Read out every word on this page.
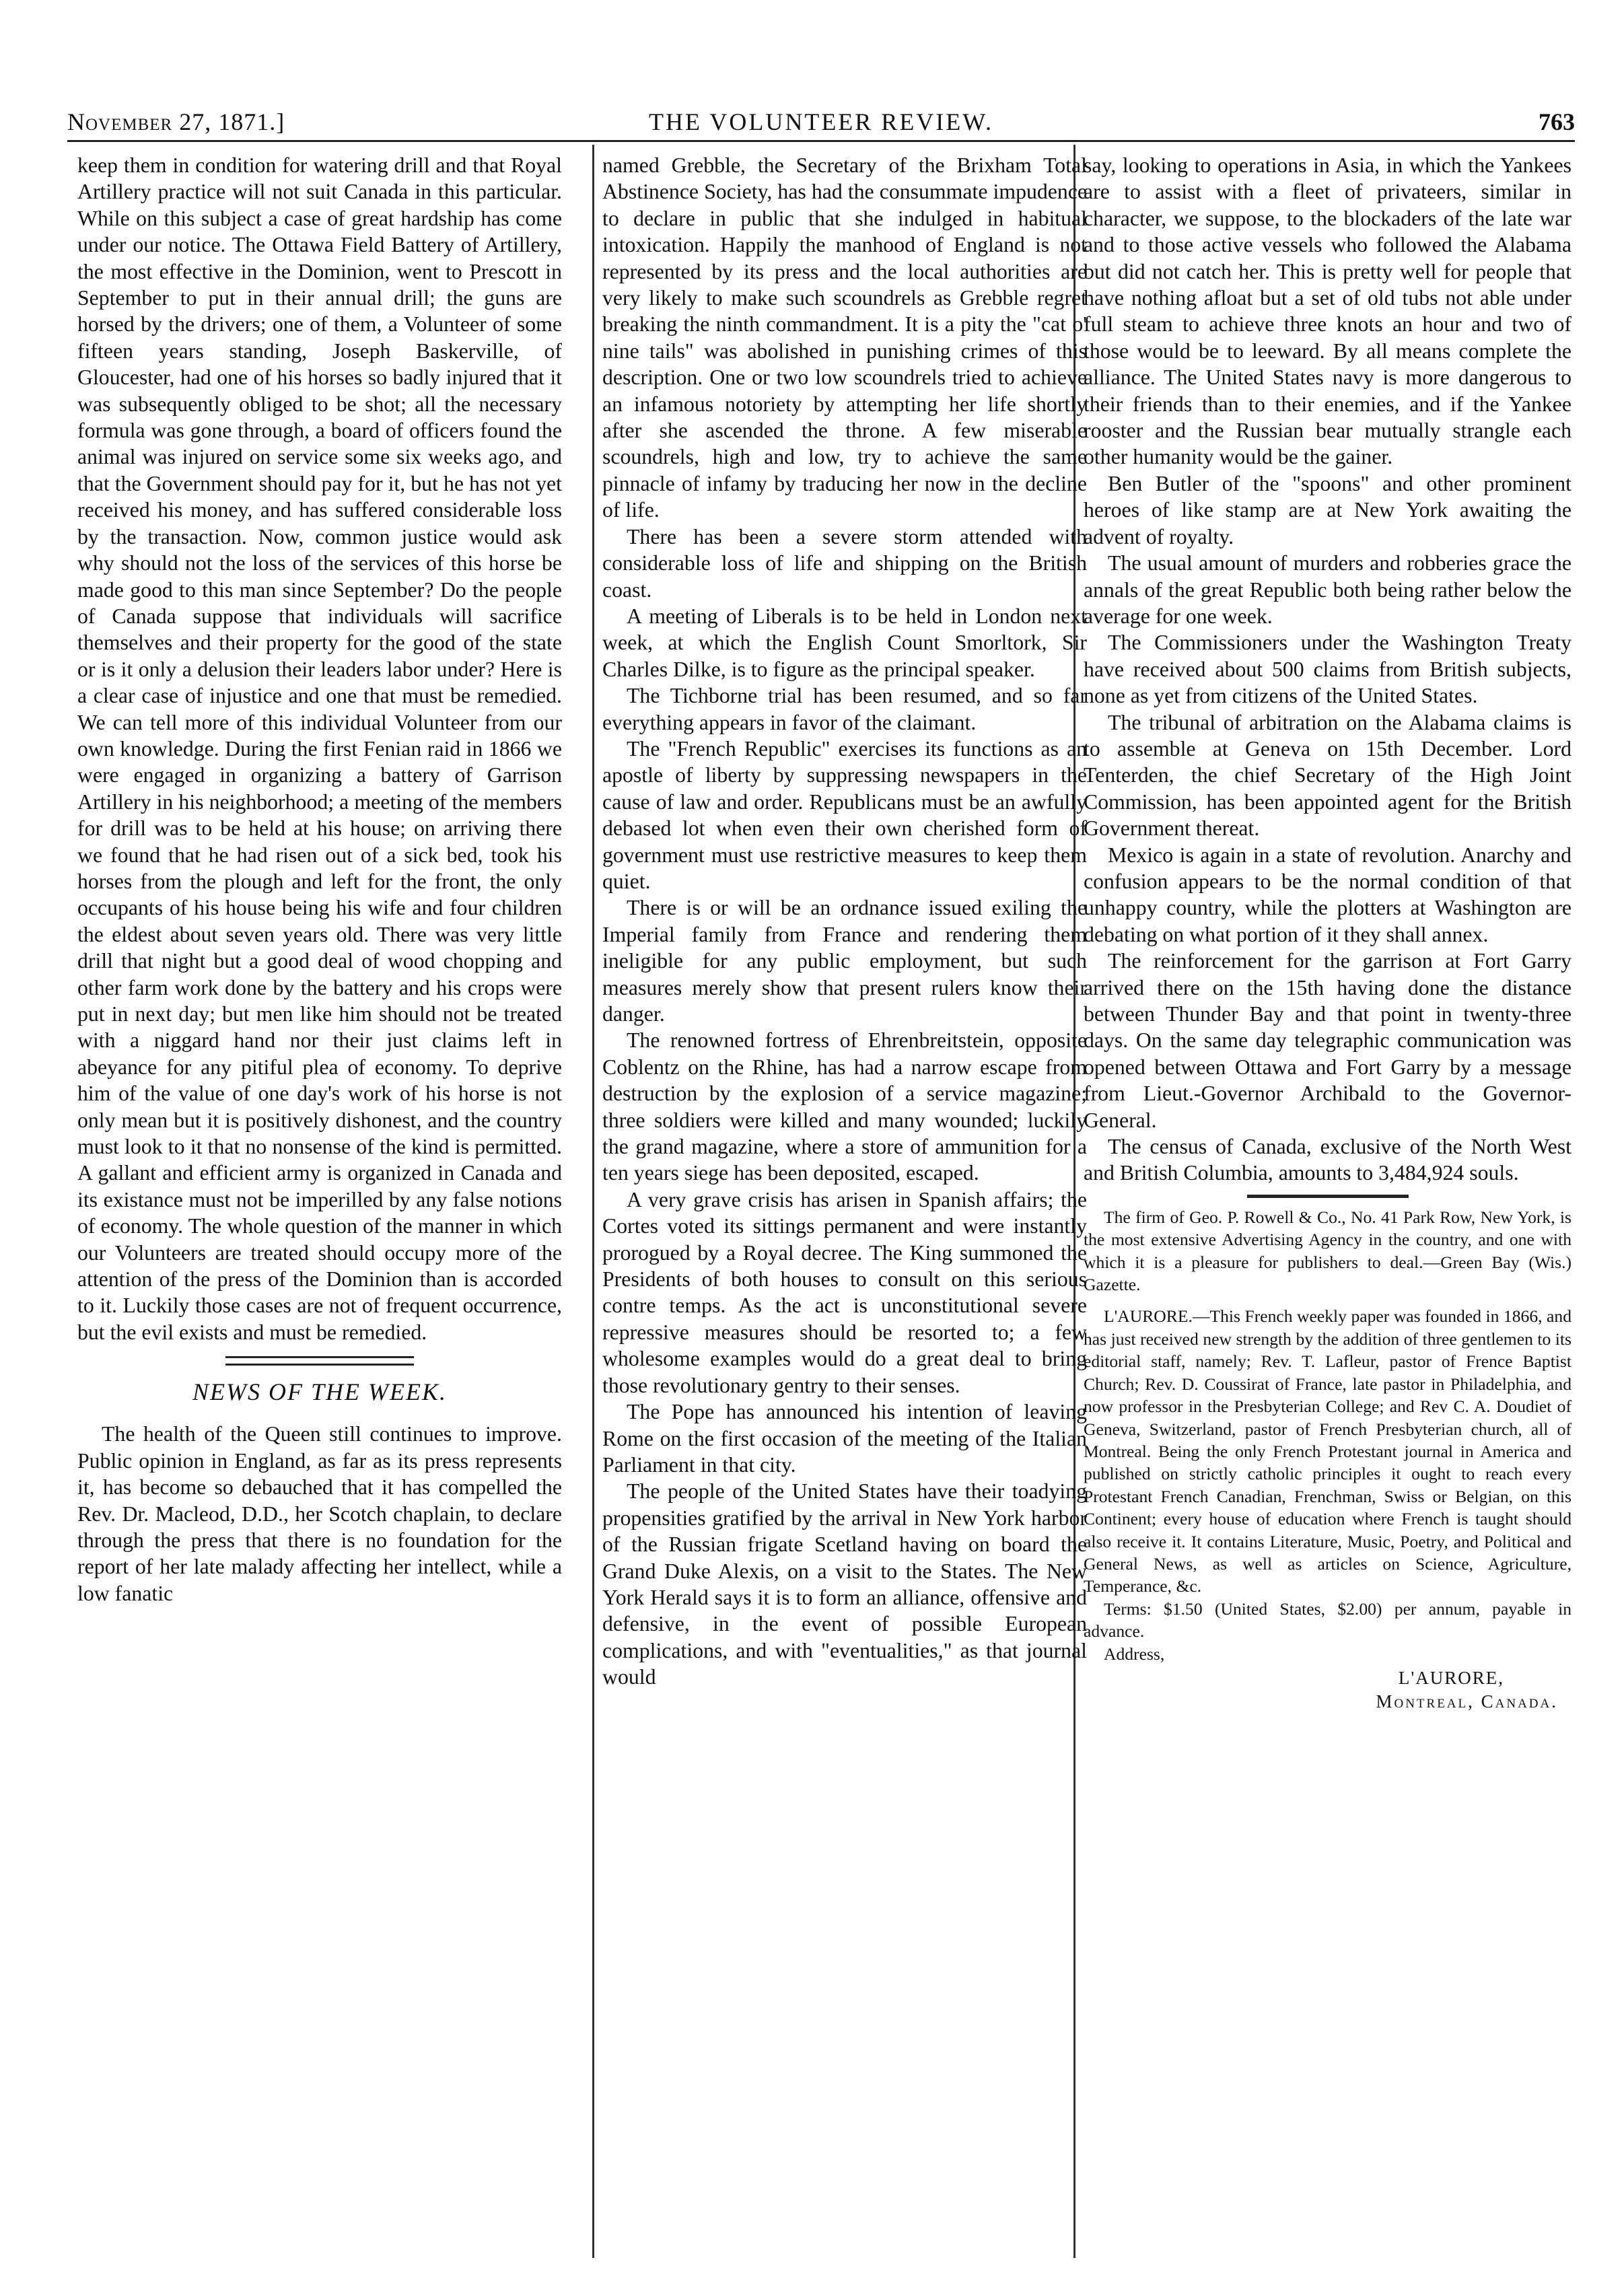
November 27, 1871.]	THE VOLUNTEER REVIEW.	763

keep them in condition for watering drill and that Royal Artillery practice will not suit Canada in this particular. While on this subject a case of great hardship has come under our notice. The Ottawa Field Battery of Artillery, the most effective in the Dominion, went to Prescott in September to put in their annual drill; the guns are horsed by the drivers; one of them, a Volunteer of some fifteen years standing, Joseph Baskerville, of Gloucester, had one of his horses so badly injured that it was subsequently obliged to be shot; all the necessary formula was gone through, a board of officers found the animal was injured on service some six weeks ago, and that the Government should pay for it, but he has not yet received his money, and has suffered considerable loss by the transaction. Now, common justice would ask why should not the loss of the services of this horse be made good to this man since September? Do the people of Canada suppose that individuals will sacrifice themselves and their property for the good of the state or is it only a delusion their leaders labor under? Here is a clear case of injustice and one that must be remedied. We can tell more of this individual Volunteer from our own knowledge. During the first Fenian raid in 1866 we were engaged in organizing a battery of Garrison Artillery in his neighborhood; a meeting of the members for drill was to be held at his house; on arriving there we found that he had risen out of a sick bed, took his horses from the plough and left for the front, the only occupants of his house being his wife and four children the eldest about seven years old. There was very little drill that night but a good deal of wood chopping and other farm work done by the battery and his crops were put in next day; but men like him should not be treated with a niggard hand nor their just claims left in abeyance for any pitiful plea of economy. To deprive him of the value of one day's work of his horse is not only mean but it is positively dishonest, and the country must look to it that no nonsense of the kind is permitted. A gallant and efficient army is organized in Canada and its existance must not be imperilled by any false notions of economy. The whole question of the manner in which our Volunteers are treated should occupy more of the attention of the press of the Dominion than is accorded to it. Luckily those cases are not of frequent occurrence, but the evil exists and must be remedied.

NEWS OF THE WEEK.

The health of the Queen still continues to improve. Public opinion in England, as far as its press represents it, has become so debauched that it has compelled the Rev. Dr. Macleod, D.D., her Scotch chaplain, to declare through the press that there is no foundation for the report of her late malady affecting her intellect, while a low fanatic

named Grebble, the Secretary of the Brixham Total Abstinence Society, has had the consummate impudence to declare in public that she indulged in habitual intoxication. Happily the manhood of England is not represented by its press and the local authorities are very likely to make such scoundrels as Grebble regret breaking the ninth commandment. It is a pity the "cat o' nine tails" was abolished in punishing crimes of this description. One or two low scoundrels tried to achieve an infamous notoriety by attempting her life shortly after she ascended the throne. A few miserable scoundrels, high and low, try to achieve the same pinnacle of infamy by traducing her now in the decline of life.

There has been a severe storm attended with considerable loss of life and shipping on the British coast.

A meeting of Liberals is to be held in London next week, at which the English Count Smorltork, Sir Charles Dilke, is to figure as the principal speaker.

The Tichborne trial has been resumed, and so far everything appears in favor of the claimant.

The "French Republic" exercises its functions as an apostle of liberty by suppressing newspapers in the cause of law and order. Republicans must be an awfully debased lot when even their own cherished form of government must use restrictive measures to keep them quiet.

There is or will be an ordnance issued exiling the Imperial family from France and rendering them ineligible for any public employment, but such measures merely show that present rulers know their danger.

The renowned fortress of Ehrenbreitstein, opposite Coblentz on the Rhine, has had a narrow escape from destruction by the explosion of a service magazine; three soldiers were killed and many wounded; luckily the grand magazine, where a store of ammunition for a ten years siege has been deposited, escaped.

A very grave crisis has arisen in Spanish affairs; the Cortes voted its sittings permanent and were instantly prorogued by a Royal decree. The King summoned the Presidents of both houses to consult on this serious contre temps. As the act is unconstitutional severe repressive measures should be resorted to; a few wholesome examples would do a great deal to bring those revolutionary gentry to their senses.

The Pope has announced his intention of leaving Rome on the first occasion of the meeting of the Italian Parliament in that city.

The people of the United States have their toadying propensities gratified by the arrival in New York harbor of the Russian frigate Scetland having on board the Grand Duke Alexis, on a visit to the States. The New York Herald says it is to form an alliance, offensive and defensive, in the event of possible European complications, and with "eventualities," as that journal would

say, looking to operations in Asia, in which the Yankees are to assist with a fleet of privateers, similar in character, we suppose, to the blockaders of the late war and to those active vessels who followed the Alabama but did not catch her. This is pretty well for people that have nothing afloat but a set of old tubs not able under full steam to achieve three knots an hour and two of those would be to leeward. By all means complete the alliance. The United States navy is more dangerous to their friends than to their enemies, and if the Yankee rooster and the Russian bear mutually strangle each other humanity would be the gainer.

Ben Butler of the "spoons" and other prominent heroes of like stamp are at New York awaiting the advent of royalty.

The usual amount of murders and robberies grace the annals of the great Republic both being rather below the average for one week.

The Commissioners under the Washington Treaty have received about 500 claims from British subjects, none as yet from citizens of the United States.

The tribunal of arbitration on the Alabama claims is to assemble at Geneva on 15th December. Lord Tenterden, the chief Secretary of the High Joint Commission, has been appointed agent for the British Government thereat.

Mexico is again in a state of revolution. Anarchy and confusion appears to be the normal condition of that unhappy country, while the plotters at Washington are debating on what portion of it they shall annex.

The reinforcement for the garrison at Fort Garry arrived there on the 15th having done the distance between Thunder Bay and that point in twenty-three days. On the same day telegraphic communication was opened between Ottawa and Fort Garry by a message from Lieut.-Governor Archibald to the Governor-General.

The census of Canada, exclusive of the North West and British Columbia, amounts to 3,484,924 souls.

The firm of Geo. P. Rowell & Co., No. 41 Park Row, New York, is the most extensive Advertising Agency in the country, and one with which it is a pleasure for publishers to deal.—Green Bay (Wis.) Gazette.

L'AURORE.—This French weekly paper was founded in 1866, and has just received new strength by the addition of three gentlemen to its editorial staff, namely; Rev. T. Lafleur, pastor of Frence Baptist Church; Rev. D. Coussirat of France, late pastor in Philadelphia, and now professor in the Presbyterian College; and Rev C. A. Doudiet of Geneva, Switzerland, pastor of French Presbyterian church, all of Montreal. Being the only French Protestant journal in America and published on strictly catholic principles it ought to reach every Protestant French Canadian, Frenchman, Swiss or Belgian, on this Continent; every house of education where French is taught should also receive it. It contains Literature, Music, Poetry, and Political and General News, as well as articles on Science, Agriculture, Temperance, &c.

Terms: $1.50 (United States, $2.00) per annum, payable in advance.

Address,

L'AURORE,
Montreal, Canada.
